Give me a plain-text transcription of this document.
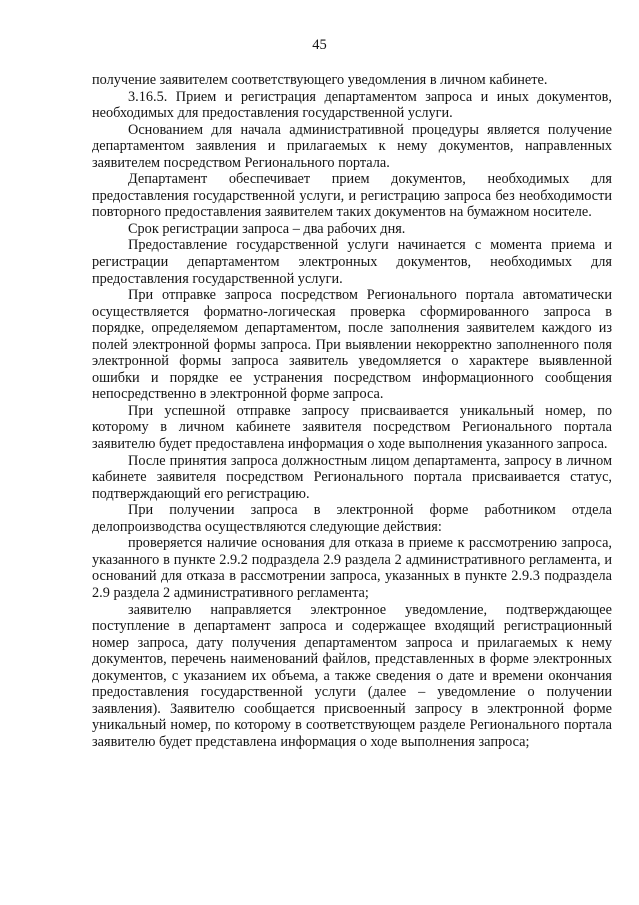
45

получение заявителем соответствующего уведомления в личном кабинете.

3.16.5. Прием и регистрация департаментом запроса и иных документов, необходимых для предоставления государственной услуги.

Основанием для начала административной процедуры является получение департаментом заявления и прилагаемых к нему документов, направленных заявителем посредством Регионального портала.

Департамент обеспечивает прием документов, необходимых для предоставления государственной услуги, и регистрацию запроса без необходимости повторного предоставления заявителем таких документов на бумажном носителе.

Срок регистрации запроса – два рабочих дня.

Предоставление государственной услуги начинается с момента приема и регистрации департаментом электронных документов, необходимых для предоставления государственной услуги.

При отправке запроса посредством Регионального портала автоматически осуществляется форматно-логическая проверка сформированного запроса в порядке, определяемом департаментом, после заполнения заявителем каждого из полей электронной формы запроса. При выявлении некорректно заполненного поля электронной формы запроса заявитель уведомляется о характере выявленной ошибки и порядке ее устранения посредством информационного сообщения непосредственно в электронной форме запроса.

При успешной отправке запросу присваивается уникальный номер, по которому в личном кабинете заявителя посредством Регионального портала заявителю будет предоставлена информация о ходе выполнения указанного запроса.

После принятия запроса должностным лицом департамента, запросу в личном кабинете заявителя посредством Регионального портала присваивается статус, подтверждающий его регистрацию.

При получении запроса в электронной форме работником отдела делопроизводства осуществляются следующие действия:

проверяется наличие основания для отказа в приеме к рассмотрению запроса, указанного в пункте 2.9.2 подраздела 2.9 раздела 2 административного регламента, и оснований для отказа в рассмотрении запроса, указанных в пункте 2.9.3 подраздела 2.9 раздела 2 административного регламента;

заявителю направляется электронное уведомление, подтверждающее поступление в департамент запроса и содержащее входящий регистрационный номер запроса, дату получения департаментом запроса и прилагаемых к нему документов, перечень наименований файлов, представленных в форме электронных документов, с указанием их объема, а также сведения о дате и времени окончания предоставления государственной услуги (далее – уведомление о получении заявления). Заявителю сообщается присвоенный запросу в электронной форме уникальный номер, по которому в соответствующем разделе Регионального портала заявителю будет представлена информация о ходе выполнения запроса;
